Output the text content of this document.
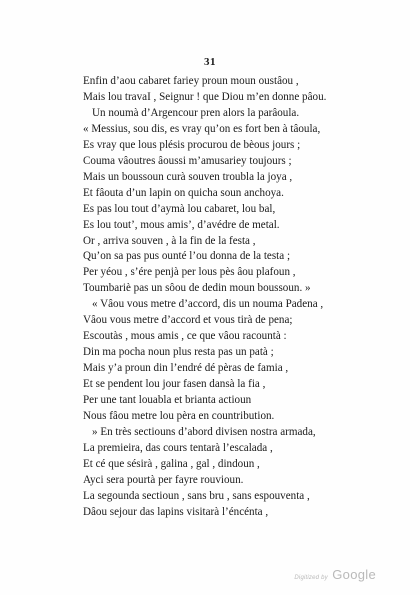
31
Enfin d’aou cabaret fariey proun moun oustâou ,
Mais lou travaI , Seignur ! que Diou m’en donne pâou.
Un noumà d’Argencour pren alors la parâoula.
« Messius, sou dis, es vray qu’on es fort ben à tâoula,
Es vray que lous plésis procurou de bèous jours ;
Couma vâoutres âoussi m’amusariey toujours ;
Mais un boussoun curà souven troubla la joya ,
Et fâouta d’un lapin on quicha soun anchoya.
Es pas lou tout d’aymà lou cabaret, lou bal,
Es lou tout’, mous amis’, d’avédre de metal.
Or , arriva souven , à la fin de la festa ,
Qu’on sa pas pus ounté l’ou donna de la testa ;
Per yéou , s’ére penjà per lous pès âou plafoun ,
Toumbariè pas un sôou de dedin moun boussoun. »
« Vâou vous metre d’accord, dis un nouma Padena ,
Vâou vous metre d’accord et vous tirà de pena;
Escoutàs , mous amis , ce que vâou racountà :
Din ma pocha noun plus resta pas un patà ;
Mais y’a proun din l’endré dé pèras de famia ,
Et se pendent lou jour fasen dansà la fia ,
Per une tant louabla et brianta actioun
Nous fâou metre lou pèra en countribution.
» En très sectiouns d’abord divisen nostra armada,
La premieira, das cours tentarà l’escalada ,
Et cé que sésirà , galina , gal , dindoun ,
Ayci sera pourtà per fayre rouvioun.
La segounda sectioun , sans bru , sans espouventa ,
Dâou sejour das lapins visitarà l’éncénta ,
Digitized by Google
